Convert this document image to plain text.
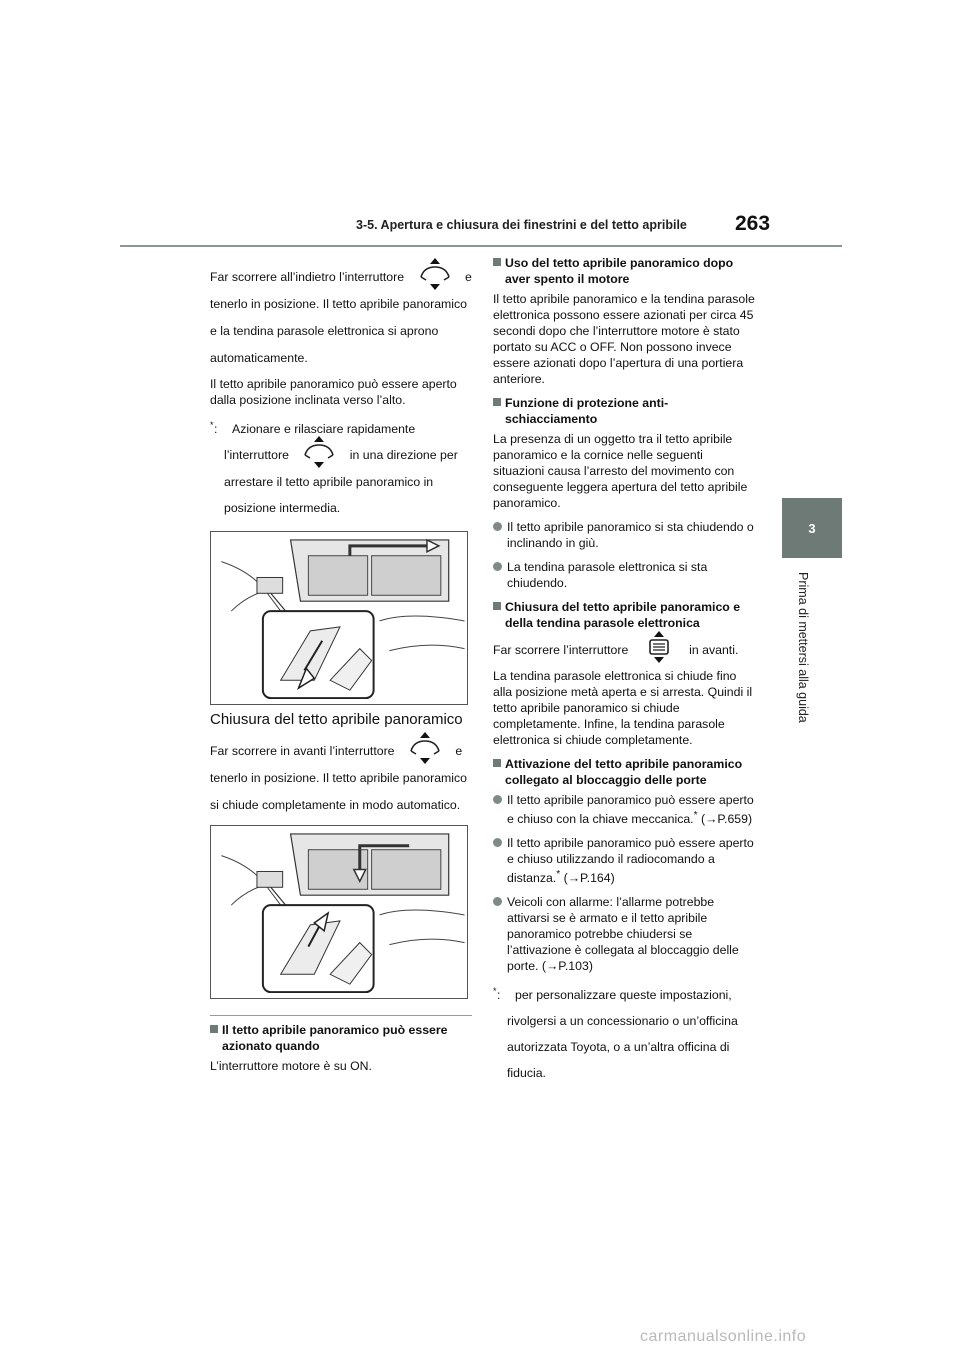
3-5. Apertura e chiusura dei finestrini e del tetto apribile 263
3
Prima di mettersi alla guida

Far scorrere all’indietro l’interruttore	e tenerlo in posizione. Il tetto apribile panoramico e la tendina parasole elettronica si aprono automaticamente.

Il tetto apribile panoramico può essere aperto dalla posizione inclinata verso l’alto.

* : Azionare e rilasciare rapidamente l’interruttore	in una direzione per arrestare il tetto apribile panoramico in posizione intermedia.
Chiusura del tetto apribile panoramico

Far scorrere in avanti l’interruttore	e tenerlo in posizione. Il tetto apribile panoramico si chiude completamente in modo automatico.

Il tetto apribile panoramico può essere azionato quando

L’interruttore motore è su ON.

Uso del tetto apribile panoramico dopo aver spento il motore

Il tetto apribile panoramico e la tendina parasole elettronica possono essere azionati per circa 45 secondi dopo che l’interruttore motore è stato portato su ACC o OFF. Non possono invece essere azionati dopo l’apertura di una portiera anteriore.

Funzione di protezione anti-schiacciamento

La presenza di un oggetto tra il tetto apribile panoramico e la cornice nelle seguenti situazioni causa l’arresto del movimento con conseguente leggera apertura del tetto apribile panoramico.

Il tetto apribile panoramico si sta chiudendo o inclinando in giù.
La tendina parasole elettronica si sta chiudendo.
Chiusura del tetto apribile panoramico e della tendina parasole elettronica

Far scorrere l’interruttore	in avanti.

La tendina parasole elettronica si chiude fino alla posizione metà aperta e si arresta. Quindi il tetto apribile panoramico si chiude completamente. Infine, la tendina parasole elettronica si chiude completamente.

Attivazione del tetto apribile panoramico collegato al bloccaggio delle porte
Il tetto apribile panoramico può essere aperto e chiuso con la chiave meccanica.* (→P.659)
Il tetto apribile panoramico può essere aperto e chiuso utilizzando il radiocomando a distanza.* (→P.164)
Veicoli con allarme: l’allarme potrebbe attivarsi se è armato e il tetto apribile panoramico potrebbe chiudersi se l’attivazione è collegata al bloccaggio delle porte. (→P.103)
* : per personalizzare queste impostazioni, rivolgersi a un concessionario o un’officina autorizzata Toyota, o a un’altra officina di fiducia.
carmanualsonline.info
